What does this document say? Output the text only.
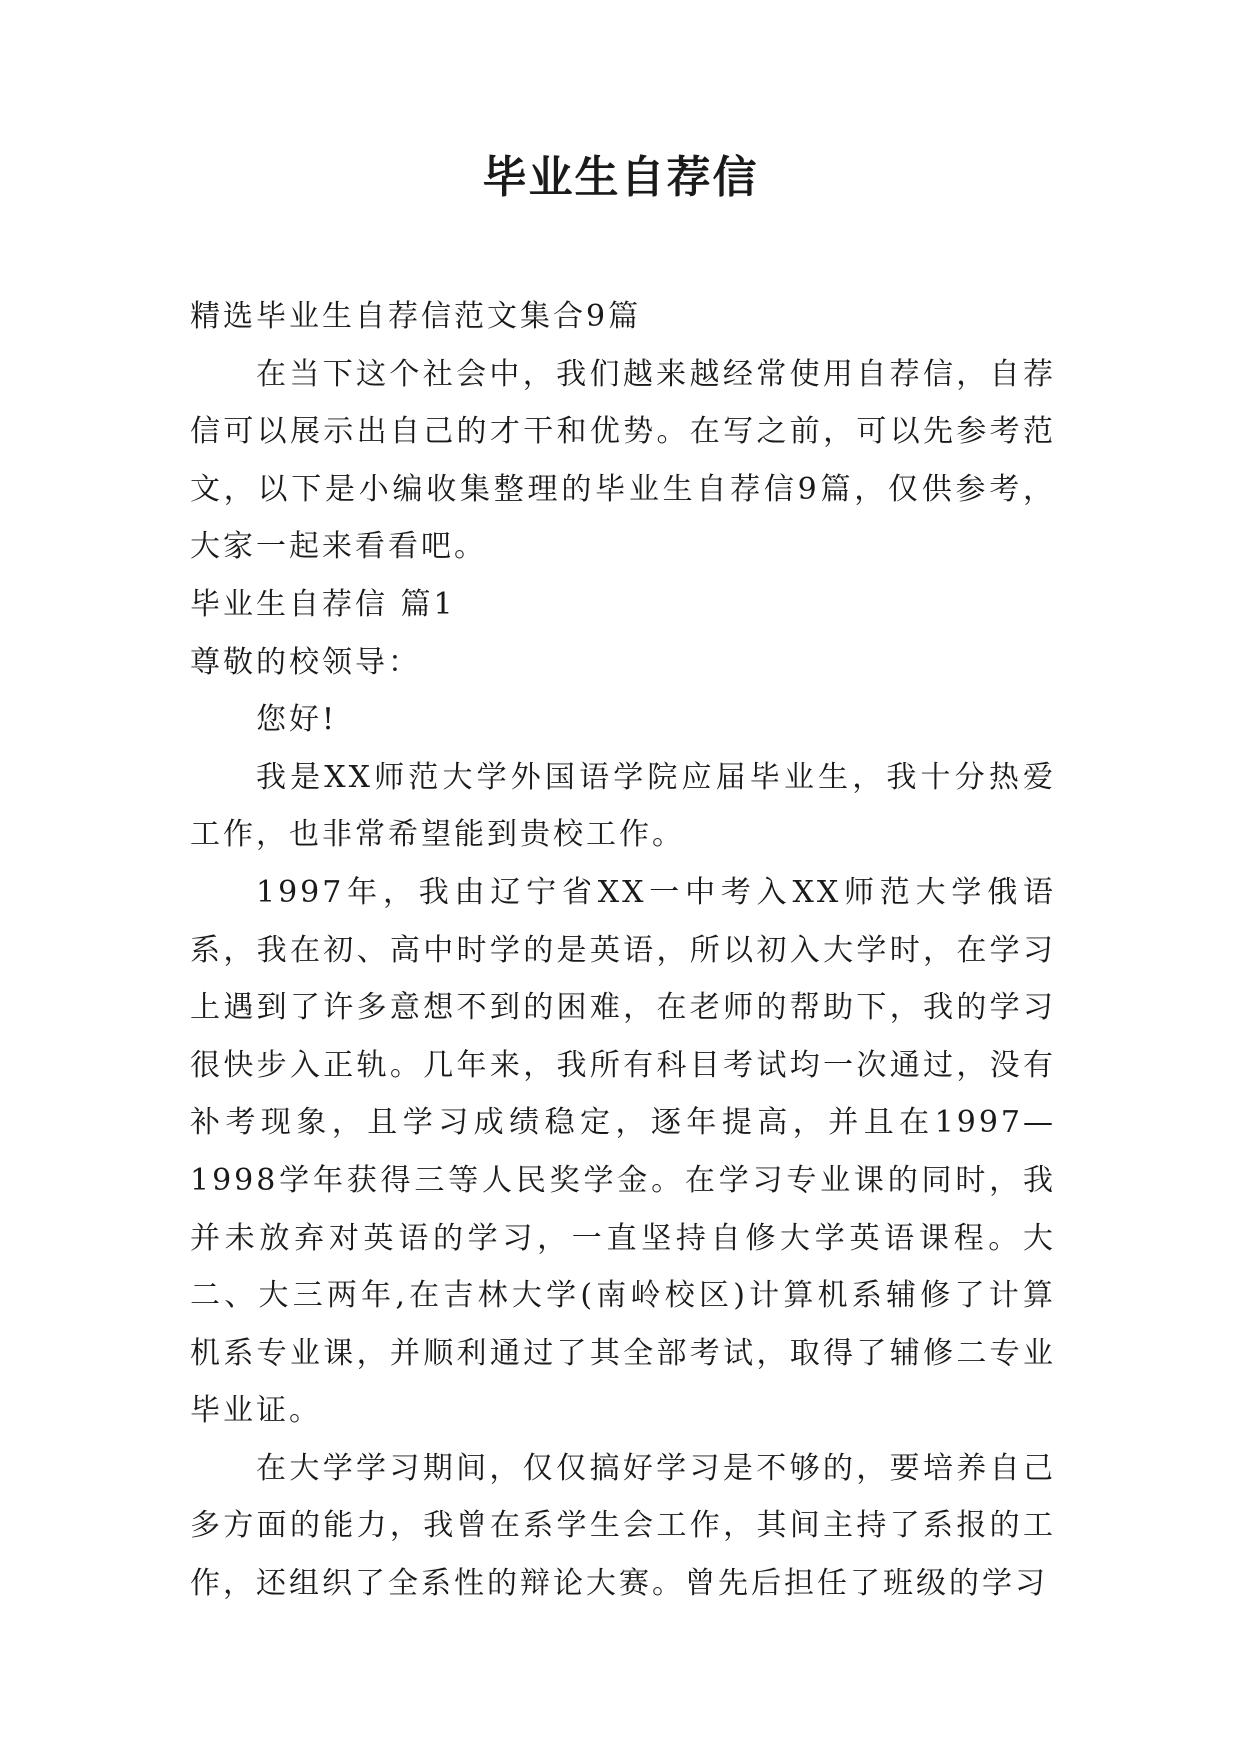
毕业生自荐信

精选毕业生自荐信范文集合9篇

在当下这个社会中，我们越来越经常使用自荐信，自荐信可以展示出自己的才干和优势。在写之前，可以先参考范文，以下是小编收集整理的毕业生自荐信9篇，仅供参考，大家一起来看看吧。

毕业生自荐信 篇1

尊敬的校领导：

您好!

我是XX师范大学外国语学院应届毕业生，我十分热爱工作，也非常希望能到贵校工作。

1997年，我由辽宁省XX一中考入XX师范大学俄语系，我在初、高中时学的是英语，所以初入大学时，在学习上遇到了许多意想不到的困难，在老师的帮助下，我的学习很快步入正轨。几年来，我所有科目考试均一次通过，没有补考现象，且学习成绩稳定，逐年提高，并且在1997—1998学年获得三等人民奖学金。在学习专业课的同时，我并未放弃对英语的学习，一直坚持自修大学英语课程。大二、大三两年,在吉林大学(南岭校区)计算机系辅修了计算机系专业课，并顺利通过了其全部考试，取得了辅修二专业毕业证。

在大学学习期间，仅仅搞好学习是不够的，要培养自己多方面的能力，我曾在系学生会工作，其间主持了系报的工作，还组织了全系性的辩论大赛。曾先后担任了班级的学习
